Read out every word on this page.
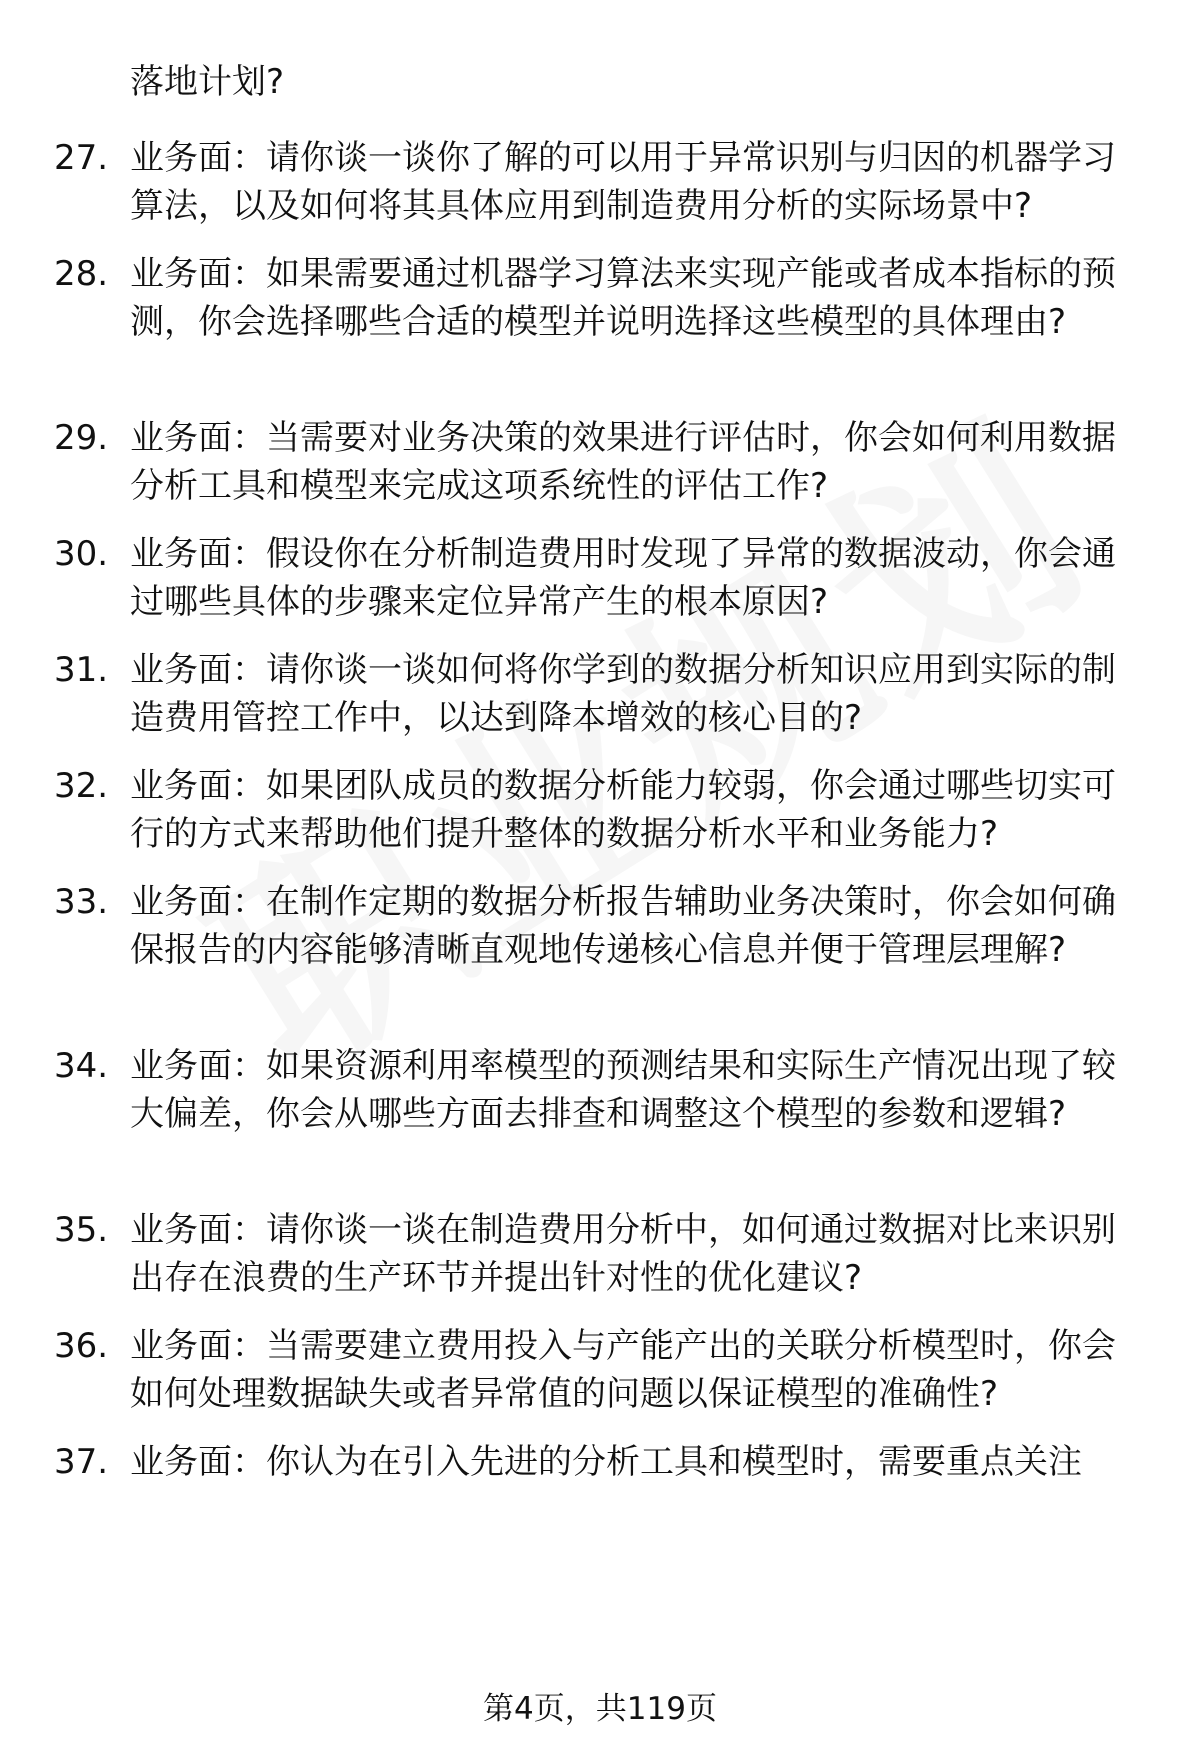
落地计划?
27. 业务面：请你谈一谈你了解的可以用于异常识别与归因的机器学习算法，以及如何将其具体应用到制造费用分析的实际场景中?
28. 业务面：如果需要通过机器学习算法来实现产能或者成本指标的预测，你会选择哪些合适的模型并说明选择这些模型的具体理由?
29. 业务面：当需要对业务决策的效果进行评估时，你会如何利用数据分析工具和模型来完成这项系统性的评估工作?
30. 业务面：假设你在分析制造费用时发现了异常的数据波动，你会通过哪些具体的步骤来定位异常产生的根本原因?
31. 业务面：请你谈一谈如何将你学到的数据分析知识应用到实际的制造费用管控工作中，以达到降本增效的核心目的?
32. 业务面：如果团队成员的数据分析能力较弱，你会通过哪些切实可行的方式来帮助他们提升整体的数据分析水平和业务能力?
33. 业务面：在制作定期的数据分析报告辅助业务决策时，你会如何确保报告的内容能够清晰直观地传递核心信息并便于管理层理解?
34. 业务面：如果资源利用率模型的预测结果和实际生产情况出现了较大偏差，你会从哪些方面去排查和调整这个模型的参数和逻辑?
35. 业务面：请你谈一谈在制造费用分析中，如何通过数据对比来识别出存在浪费的生产环节并提出针对性的优化建议?
36. 业务面：当需要建立费用投入与产能产出的关联分析模型时，你会如何处理数据缺失或者异常值的问题以保证模型的准确性?
37. 业务面：你认为在引入先进的分析工具和模型时，需要重点关注
第4页，共119页
